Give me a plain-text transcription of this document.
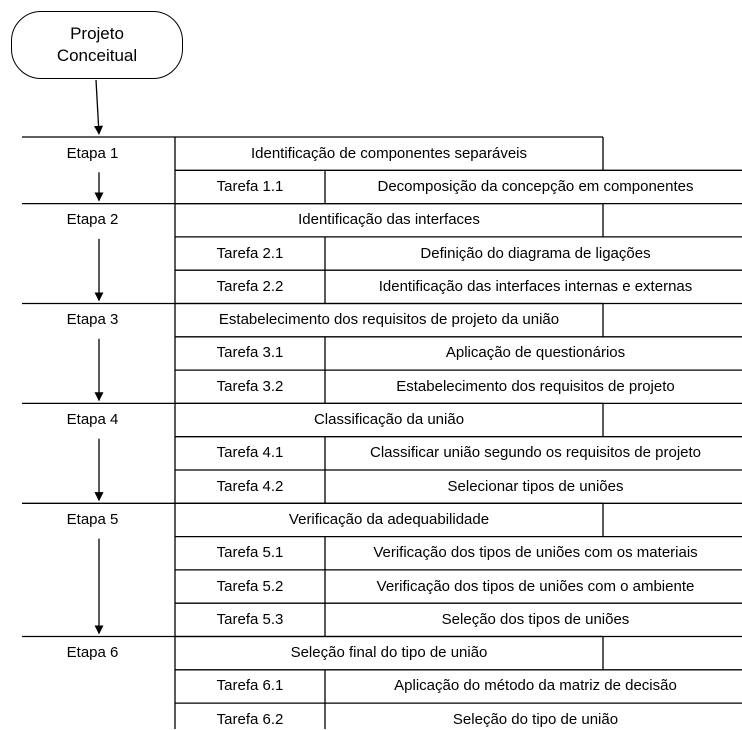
Projeto
Conceitual
Etapa 1	Identificação de componentes separáveis
Tarefa 1.1	Decomposição da concepção em componentes
Etapa 2	Identificação das interfaces
Tarefa 2.1	Definição do diagrama de ligações
Tarefa 2.2	Identificação das interfaces internas e externas
Etapa 3	Estabelecimento dos requisitos de projeto da união
Tarefa 3.1	Aplicação de questionários
Tarefa 3.2	Estabelecimento dos requisitos de projeto
Etapa 4	Classificação da união
Tarefa 4.1	Classificar união segundo os requisitos de projeto
Tarefa 4.2	Selecionar tipos de uniões
Etapa 5	Verificação da adequabilidade
Tarefa 5.1	Verificação dos tipos de uniões com os materiais
Tarefa 5.2	Verificação dos tipos de uniões com o ambiente
Tarefa 5.3	Seleção dos tipos de uniões
Etapa 6	Seleção final do tipo de união
Tarefa 6.1	Aplicação do método da matriz de decisão
Tarefa 6.2	Seleção do tipo de união
